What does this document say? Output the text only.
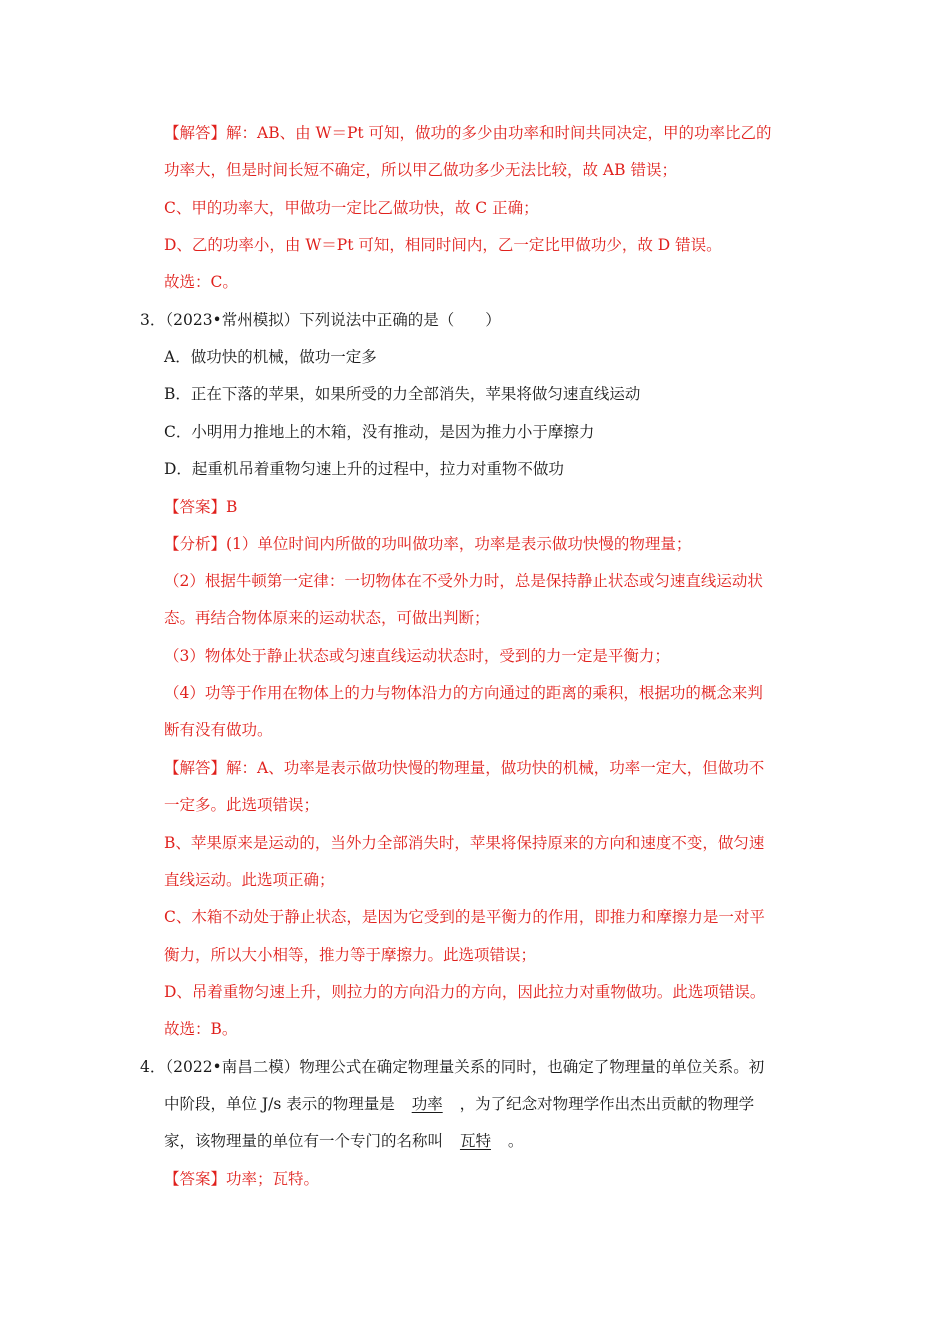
【解答】解：AB、由 W＝Pt 可知，做功的多少由功率和时间共同决定，甲的功率比乙的
功率大，但是时间长短不确定，所以甲乙做功多少无法比较，故 AB 错误；
C、甲的功率大，甲做功一定比乙做功快，故 C 正确；
D、乙的功率小，由 W＝Pt 可知，相同时间内，乙一定比甲做功少，故 D 错误。
故选：C。
3．（2023•常州模拟）下列说法中正确的是（　　）
A．做功快的机械，做功一定多
B．正在下落的苹果，如果所受的力全部消失，苹果将做匀速直线运动
C．小明用力推地上的木箱，没有推动，是因为推力小于摩擦力
D．起重机吊着重物匀速上升的过程中，拉力对重物不做功
【答案】B
【分析】(1）单位时间内所做的功叫做功率，功率是表示做功快慢的物理量；
（2）根据牛顿第一定律：一切物体在不受外力时，总是保持静止状态或匀速直线运动状
态。再结合物体原来的运动状态，可做出判断；
（3）物体处于静止状态或匀速直线运动状态时，受到的力一定是平衡力；
（4）功等于作用在物体上的力与物体沿力的方向通过的距离的乘积，根据功的概念来判
断有没有做功。
【解答】解：A、功率是表示做功快慢的物理量，做功快的机械，功率一定大，但做功不
一定多。此选项错误；
B、苹果原来是运动的，当外力全部消失时，苹果将保持原来的方向和速度不变，做匀速
直线运动。此选项正确；
C、木箱不动处于静止状态，是因为它受到的是平衡力的作用，即推力和摩擦力是一对平
衡力，所以大小相等，推力等于摩擦力。此选项错误；
D、吊着重物匀速上升，则拉力的方向沿力的方向，因此拉力对重物做功。此选项错误。
故选：B。
4．（2022•南昌二模）物理公式在确定物理量关系的同时，也确定了物理量的单位关系。初
中阶段，单位 J/s 表示的物理量是 功率 ，为了纪念对物理学作出杰出贡献的物理学
家，该物理量的单位有一个专门的名称叫 瓦特 。
【答案】功率；瓦特。
